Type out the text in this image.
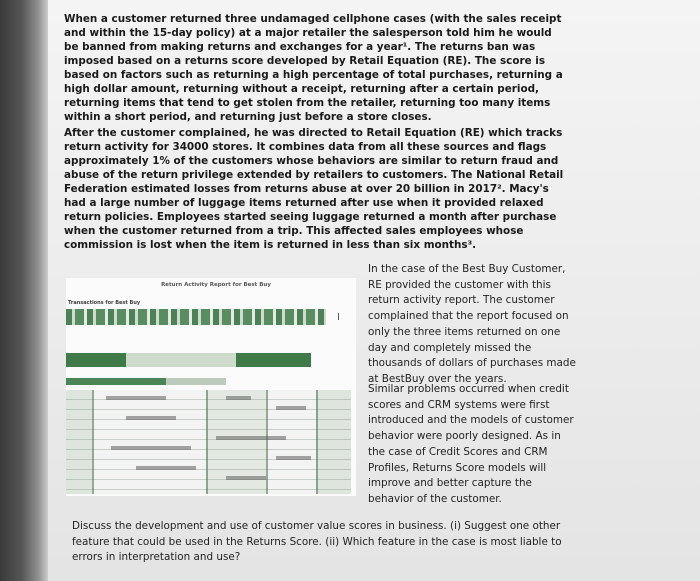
When a customer returned three undamaged cellphone cases (with the sales receipt and within the 15-day policy) at a major retailer the salesperson told him he would be banned from making returns and exchanges for a year¹. The returns ban was imposed based on a returns score developed by Retail Equation (RE). The score is based on factors such as returning a high percentage of total purchases, returning a high dollar amount, returning without a receipt, returning after a certain period, returning items that tend to get stolen from the retailer, returning too many items within a short period, and returning just before a store closes.

After the customer complained, he was directed to Retail Equation (RE) which tracks return activity for 34000 stores. It combines data from all these sources and flags approximately 1% of the customers whose behaviors are similar to return fraud and abuse of the return privilege extended by retailers to customers. The National Retail Federation estimated losses from returns abuse at over 20 billion in 2017². Macy's had a large number of luggage items returned after use when it provided relaxed return policies. Employees started seeing luggage returned a month after purchase when the customer returned from a trip. This affected sales employees whose commission is lost when the item is returned in less than six months³.

Return Activity Report for Best Buy
Transactions for Best Buy
I

In the case of the Best Buy Customer, RE provided the customer with this return activity report. The customer complained that the report focused on only the three items returned on one day and completely missed the thousands of dollars of purchases made at BestBuy over the years.

Similar problems occurred when credit scores and CRM systems were first introduced and the models of customer behavior were poorly designed. As in the case of Credit Scores and CRM Profiles, Returns Score models will improve and better capture the behavior of the customer.

Discuss the development and use of customer value scores in business. (i) Suggest one other feature that could be used in the Returns Score. (ii) Which feature in the case is most liable to errors in interpretation and use?
